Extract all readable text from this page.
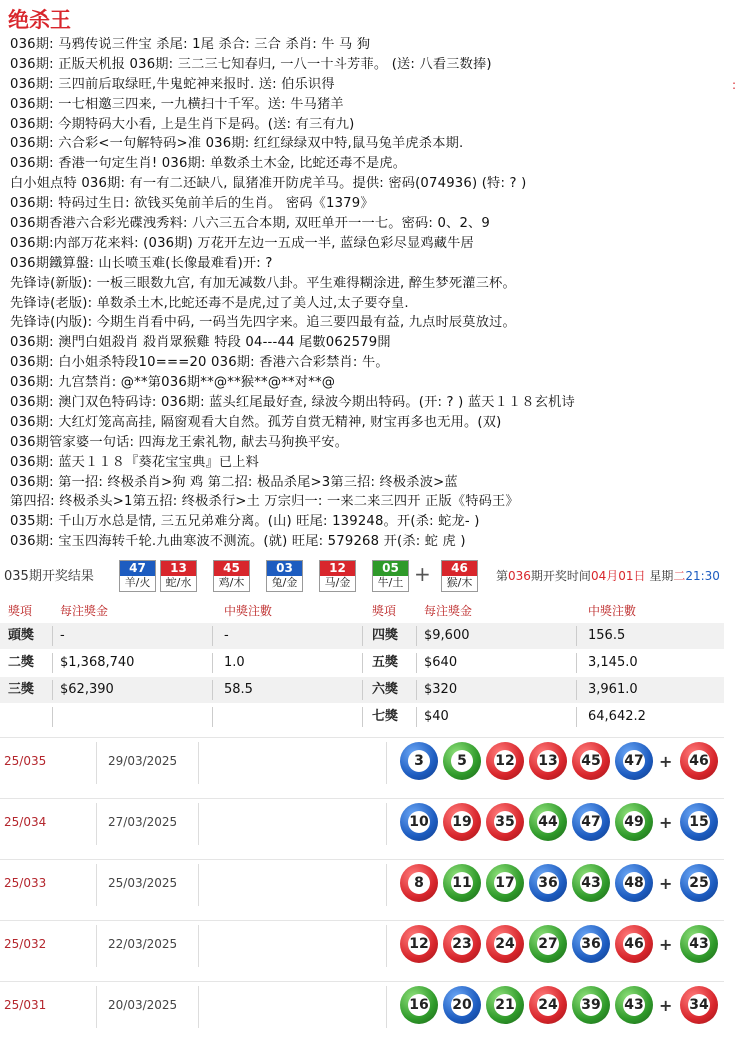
绝杀王
:
036期: 马鸦传说三件宝 杀尾: 1尾 杀合: 三合 杀肖: 牛 马 狗
036期: 正版天机报 036期: 三二三七知春归, 一八一十斗芳菲。 (送: 八看三数捧)
036期: 三四前后取绿旺,牛鬼蛇神来报时. 送: 伯乐识得
036期: 一七相邀三四来, 一九横扫十千军。送: 牛马猪羊
036期: 今期特码大小看, 上是生肖下是码。(送: 有三有九)
036期: 六合彩<一句解特码>准 036期: 红红绿绿双中特,鼠马兔羊虎杀本期.
036期: 香港一句定生肖! 036期: 单数杀土木金, 比蛇还毒不是虎。
白小姐点特 036期: 有一有二还缺八, 鼠猪准开防虎羊马。提供: 密码(074936) (特: ? )
036期: 特码过生日: 欲钱买兔前羊后的生肖。 密码《1379》
036期香港六合彩光碟洩秀料: 八六三五合本期, 双旺单开一一七。密码: 0、2、9
036期:内部万花来料: (036期) 万花开左边一五成一半, 蓝绿色彩尽显鸡藏牛居
036期鐵算盤: 山长喷玉难(长像最难看)开: ?
先锋诗(新版): 一板三眼数九宫, 有加无减数八卦。平生难得糊涂进, 醉生梦死灌三杯。
先锋诗(老版): 单数杀土木,比蛇还毒不是虎,过了美人过,太子要夺皇.
先锋诗(内版): 今期生肖看中码, 一码当先四字来。追三要四最有益, 九点时辰莫放过。
036期: 澳門白姐殺肖 殺肖眾猴雞 特段 04---44 尾數062579開
036期: 白小姐杀特段10===20 036期: 香港六合彩禁肖: 牛。
036期: 九宫禁肖: @**第036期**@**猴**@**对**@
036期: 澳门双色特码诗: 036期: 蓝头红尾最好查, 绿波今期出特码。(开: ? ) 蓝天１１８玄机诗
036期: 大红灯笼高高挂, 隔窗观看大自然。孤芳自赏无精神, 财宝再多也无用。(双)
036期管家婆一句话: 四海龙王索礼物, 献去马狗换平安。
036期: 蓝天１１８『葵花宝宝典』已上料
036期: 第一招: 终极杀肖>狗 鸡 第二招: 极品杀尾>3第三招: 终极杀波>蓝
第四招: 终极杀头>1第五招: 终极杀行>土 万宗归一: 一来二来三四开 正版《特码王》
035期: 千山万水总是情, 三五兄弟难分离。(山) 旺尾: 139248。开(杀: 蛇龙- )
036期: 宝玉四海转千轮.九曲寒波不测流。(就) 旺尾: 579268 开(杀: 蛇 虎 )
035期开奖结果
47
羊/火
13
蛇/水
45
鸡/木
03
兔/金
12
马/金
05
牛/土
46
猴/木
+	第036期开奖时间04月01日 星期二21:30
獎項 每注獎金	中獎注數	獎項 每注獎金	中獎注數
頭獎 -	-	四獎 $9,600	156.5
二獎 $1,368,740	1.0	五獎 $640	3,145.0
三獎 $62,390	58.5	六獎 $320	3,961.0
七獎 $40	64,642.2
25/035	29/03/2025	3	5	12 13 45 47 + 46
25/034	27/03/2025	10 19 35 44 47 49 + 15
25/033	25/03/2025	8	11 17 36 43 48 + 25
25/032	22/03/2025	12 23 24 27 36 46 + 43
25/031	20/03/2025	16 20 21 24 39 43 + 34
